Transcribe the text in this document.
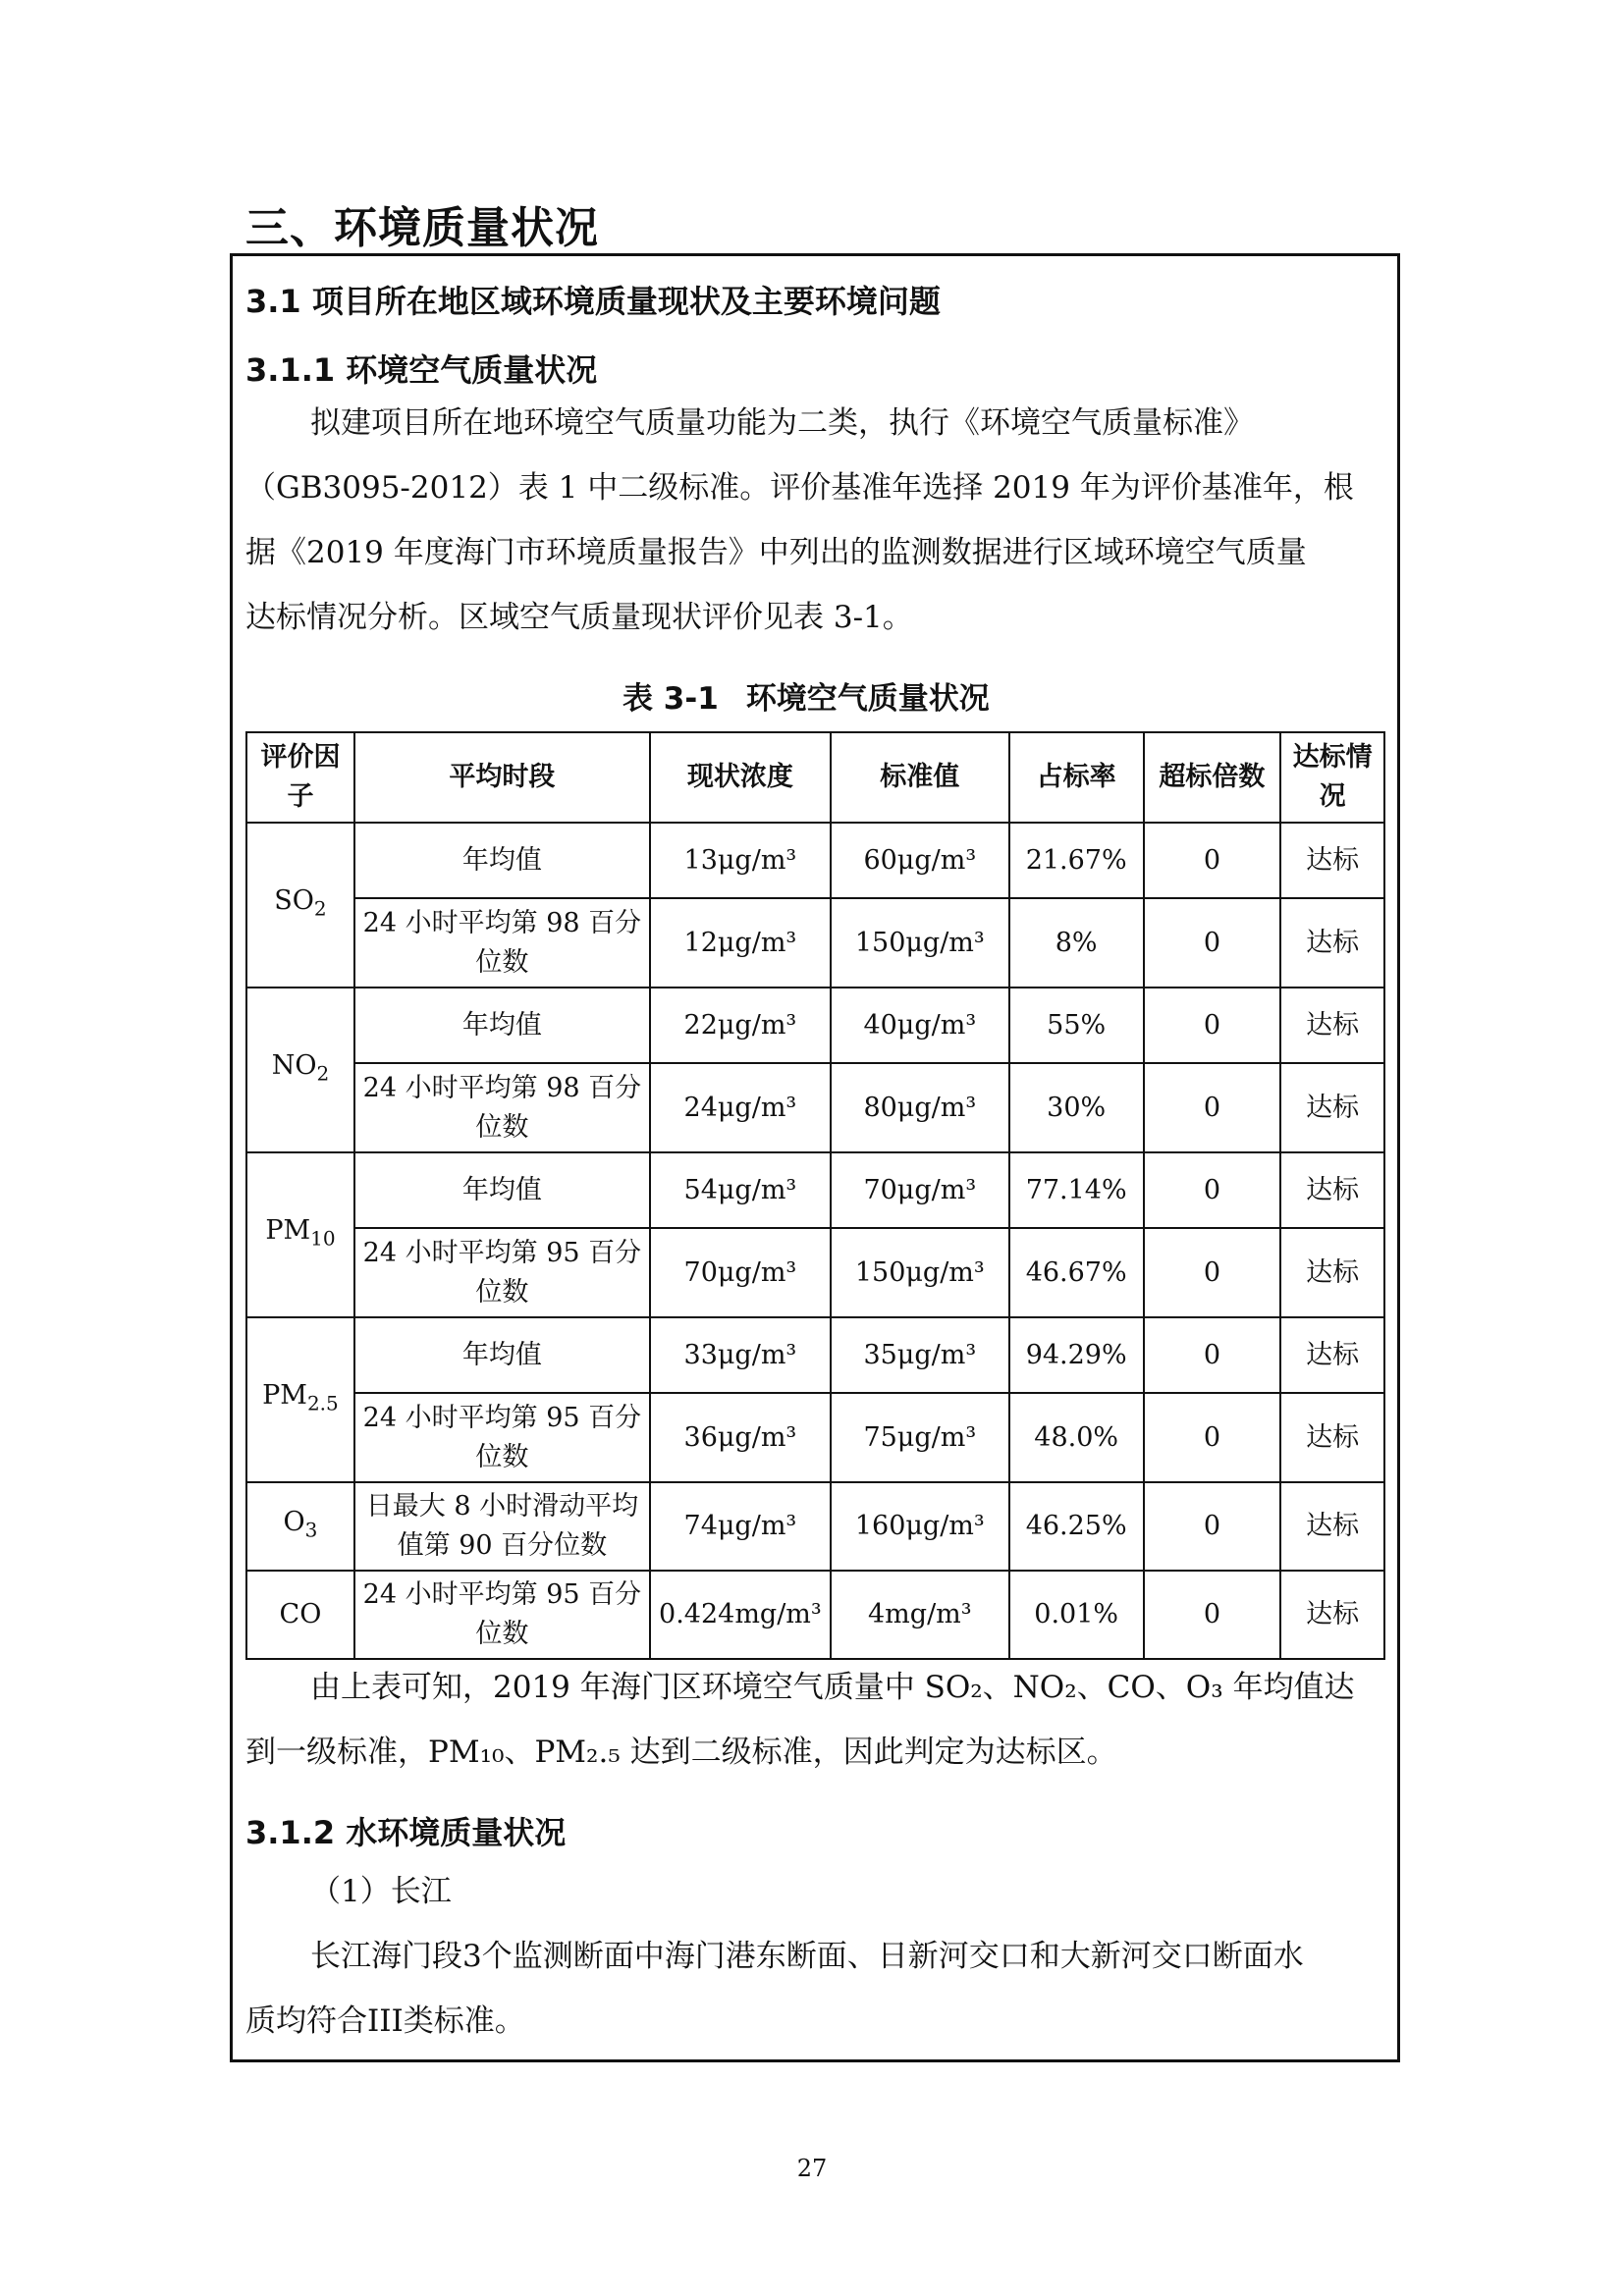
三、环境质量状况
3.1 项目所在地区域环境质量现状及主要环境问题
3.1.1 环境空气质量状况
拟建项目所在地环境空气质量功能为二类，执行《环境空气质量标准》
（GB3095-2012）表 1 中二级标准。评价基准年选择 2019 年为评价基准年，根
据《2019 年度海门市环境质量报告》中列出的监测数据进行区域环境空气质量
达标情况分析。区域空气质量现状评价见表 3-1。

表 3-1 环境空气质量状况

评价因子	平均时段	现状浓度	标准值	占标率	超标倍数	达标情况
$SO_2$	年均值	13μg/m³	60μg/m³	21.67%	0	达标
	24 小时平均第 98 百分位数	12μg/m³	150μg/m³	8%	0	达标
$NO_2$	年均值	22μg/m³	40μg/m³	55%	0	达标
	24 小时平均第 98 百分位数	24μg/m³	80μg/m³	30%	0	达标
$PM_{10}$	年均值	54μg/m³	70μg/m³	77.14%	0	达标
	24 小时平均第 95 百分位数	70μg/m³	150μg/m³	46.67%	0	达标
$PM_{2.5}$	年均值	33μg/m³	35μg/m³	94.29%	0	达标
	24 小时平均第 95 百分位数	36μg/m³	75μg/m³	48.0%	0	达标
$O_3$	日最大 8 小时滑动平均值第 90 百分位数	74μg/m³	160μg/m³	46.25%	0	达标
CO	24 小时平均第 95 百分位数	0.424mg/m³	4mg/m³	0.01%	0	达标
由上表可知，2019 年海门区环境空气质量中 SO₂、NO₂、CO、O₃ 年均值达
到一级标准，PM₁₀、PM₂.₅ 达到二级标准，因此判定为达标区。
3.1.2 水环境质量状况
（1）长江
长江海门段3个监测断面中海门港东断面、日新河交口和大新河交口断面水
质均符合III类标准。

27
